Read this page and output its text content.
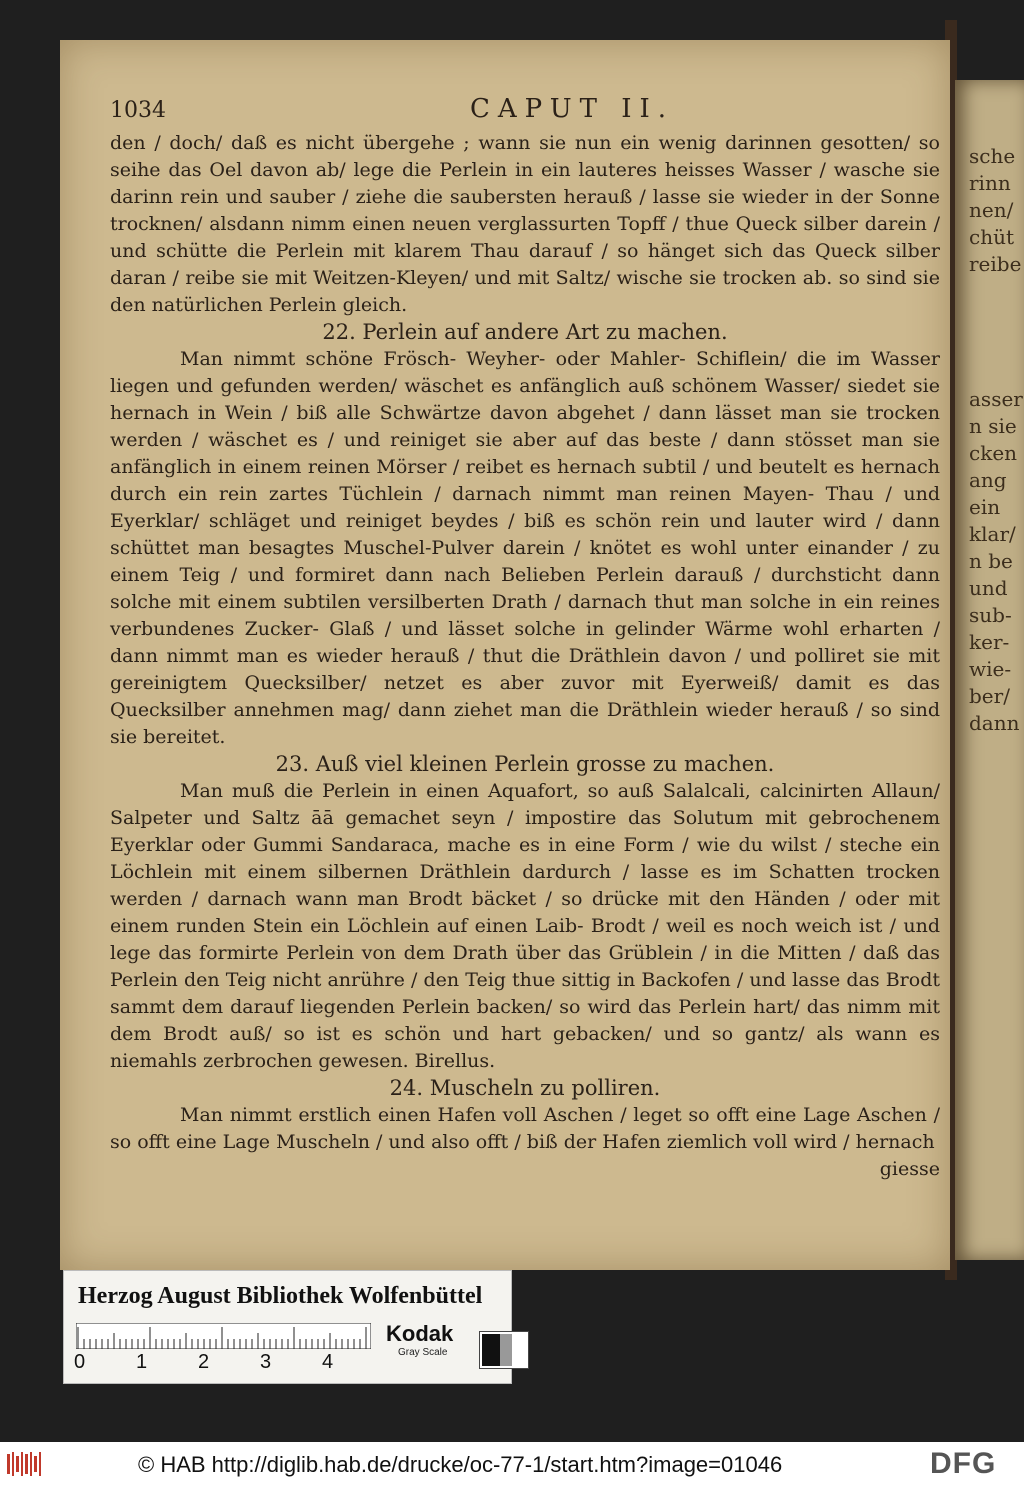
sche
rinn
nen/
chüt
reibe
asser
n sie
cken
ang
ein
klar/
n be
und
sub-
ker-
wie-
ber/
dann
1034	CAPUT II.

den / doch/ daß es nicht übergehe ; wann sie nun ein wenig darinnen gesotten/ so seihe das Oel davon ab/ lege die Perlein in ein lauteres heisses Wasser / wasche sie darinn rein und sauber / ziehe die saubersten herauß / lasse sie wieder in der Sonne trocknen/ alsdann nimm einen neuen verglassurten Topff / thue Queck silber darein / und schütte die Perlein mit klarem Thau darauf / so hänget sich das Queck silber daran / reibe sie mit Weitzen-Kleyen/ und mit Saltz/ wische sie trocken ab. so sind sie den natürlichen Perlein gleich.

22. Perlein auf andere Art zu machen.

Man nimmt schöne Frösch- Weyher- oder Mahler- Schiflein/ die im Wasser liegen und gefunden werden/ wäschet es anfänglich auß schönem Wasser/ siedet sie hernach in Wein / biß alle Schwärtze davon abgehet / dann lässet man sie trocken werden / wäschet es / und reiniget sie aber auf das beste / dann stösset man sie anfänglich in einem reinen Mörser / reibet es hernach subtil / und beutelt es hernach durch ein rein zartes Tüchlein / darnach nimmt man reinen Mayen- Thau / und Eyerklar/ schläget und reiniget beydes / biß es schön rein und lauter wird / dann schüttet man besagtes Muschel-Pulver darein / knötet es wohl unter einander / zu einem Teig / und formiret dann nach Belieben Perlein darauß / durchsticht dann solche mit einem subtilen versilberten Drath / darnach thut man solche in ein reines verbundenes Zucker- Glaß / und lässet solche in gelinder Wärme wohl erharten / dann nimmt man es wieder herauß / thut die Dräthlein davon / und polliret sie mit gereinigtem Quecksilber/ netzet es aber zuvor mit Eyerweiß/ damit es das Quecksilber annehmen mag/ dann ziehet man die Dräthlein wieder herauß / so sind sie bereitet.

23. Auß viel kleinen Perlein grosse zu machen.

Man muß die Perlein in einen Aquafort, so auß Salalcali, calcinirten Allaun/ Salpeter und Saltz āā gemachet seyn / impostire das Solutum mit gebrochenem Eyerklar oder Gummi Sandaraca, mache es in eine Form / wie du wilst / steche ein Löchlein mit einem silbernen Dräthlein dardurch / lasse es im Schatten trocken werden / darnach wann man Brodt bäcket / so drücke mit den Händen / oder mit einem runden Stein ein Löchlein auf einen Laib- Brodt / weil es noch weich ist / und lege das formirte Perlein von dem Drath über das Grüblein / in die Mitten / daß das Perlein den Teig nicht anrühre / den Teig thue sittig in Backofen / und lasse das Brodt sammt dem darauf liegenden Perlein backen/ so wird das Perlein hart/ das nimm mit dem Brodt auß/ so ist es schön und hart gebacken/ und so gantz/ als wann es niemahls zerbrochen gewesen. Birellus.

24. Muscheln zu polliren.

Man nimmt erstlich einen Hafen voll Aschen / leget so offt eine Lage Aschen / so offt eine Lage Muscheln / und also offt / biß der Hafen ziemlich voll wird / hernach

giesse

Herzog August Bibliothek Wolfenbüttel
0	1	2	3	4
Kodak
Gray Scale
© HAB http://diglib.hab.de/drucke/oc-77-1/start.htm?image=01046	DFG
